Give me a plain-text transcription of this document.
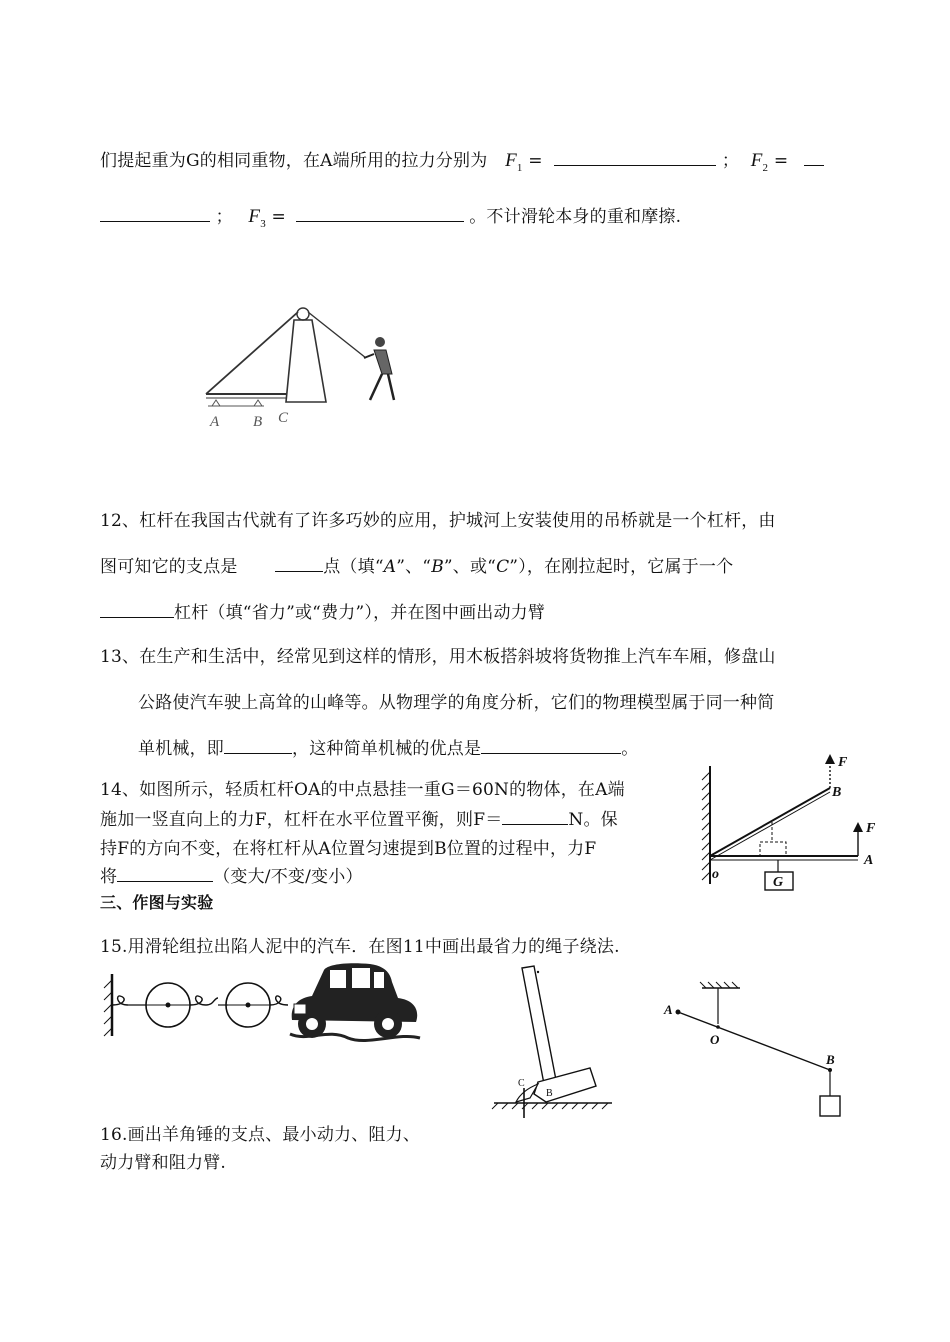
们提起重为G的相同重物，在A端所用的拉力分别为 $F_1$ =	； $F_2$ =
； $F_3$ =	。不计滑轮本身的重和摩擦.
A B C
12、杠杆在我国古代就有了许多巧妙的应用，护城河上安装使用的吊桥就是一个杠杆，由
图可知它的支点是	点（填“A”、“B”、或“C”），在刚拉起时，它属于一个
杠杆（填“省力”或“费力”），并在图中画出动力臂
13、在生产和生活中，经常见到这样的情形，用木板搭斜坡将货物推上汽车车厢，修盘山
公路使汽车驶上高耸的山峰等。从物理学的角度分析，它们的物理模型属于同一种简
单机械，即	，这种简单机械的优点是	。
14、如图所示，轻质杠杆OA的中点悬挂一重G＝60N的物体，在A端
施加一竖直向上的力F，杠杆在水平位置平衡，则F＝	N。保
持F的方向不变，在将杠杆从A位置匀速提到B位置的过程中，力F
将	（变大/不变/变小）	G
F
B
F
A
o
三、作图与实验
15.用滑轮组拉出陷人泥中的汽车．在图11中画出最省力的绳子绕法.
C
B
A
O
B
16.画出羊角锤的支点、最小动力、阻力、
动力臂和阻力臂.
